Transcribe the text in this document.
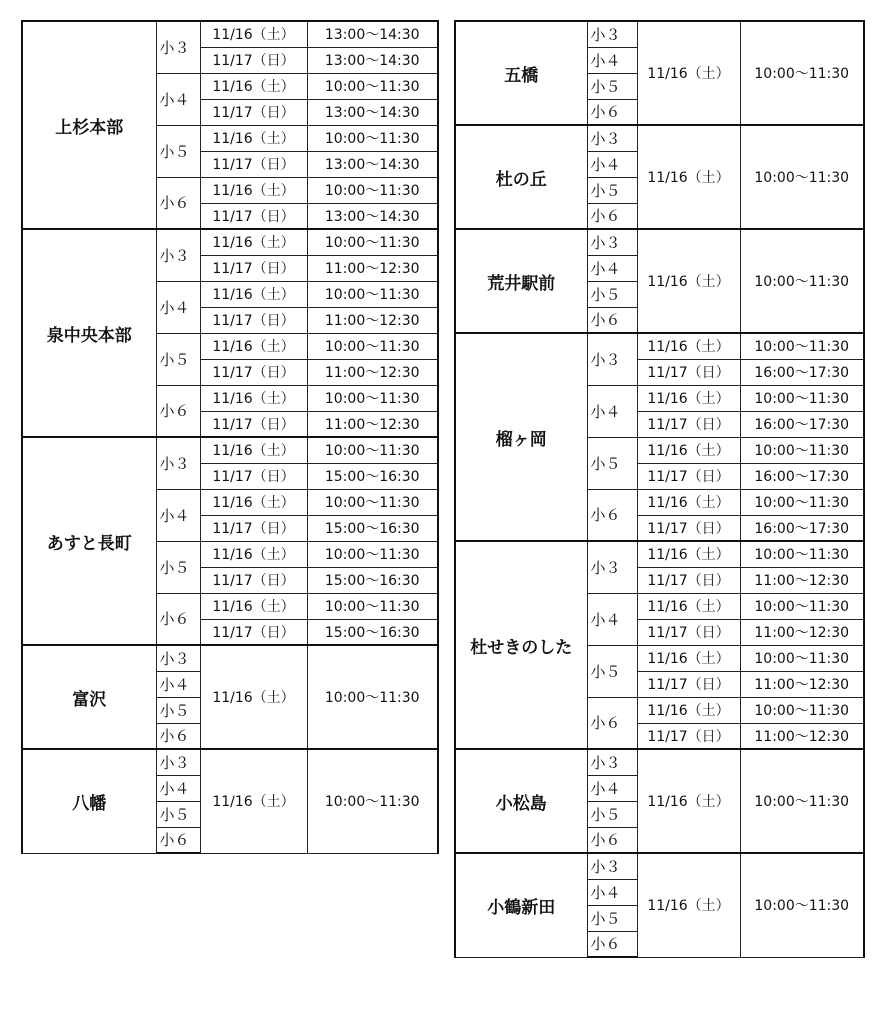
上杉本部	小３	11/16（土）	13:00～14:30
		11/17（日）	13:00～14:30
	小４	11/16（土）	10:00～11:30
		11/17（日）	13:00～14:30
	小５	11/16（土）	10:00～11:30
		11/17（日）	13:00～14:30
	小６	11/16（土）	10:00～11:30
		11/17（日）	13:00～14:30
泉中央本部	小３	11/16（土）	10:00～11:30
		11/17（日）	11:00～12:30
	小４	11/16（土）	10:00～11:30
		11/17（日）	11:00～12:30
	小５	11/16（土）	10:00～11:30
		11/17（日）	11:00～12:30
	小６	11/16（土）	10:00～11:30
		11/17（日）	11:00～12:30
あすと長町	小３	11/16（土）	10:00～11:30
		11/17（日）	15:00～16:30
	小４	11/16（土）	10:00～11:30
		11/17（日）	15:00～16:30
	小５	11/16（土）	10:00～11:30
		11/17（日）	15:00～16:30
	小６	11/16（土）	10:00～11:30
		11/17（日）	15:00～16:30
富沢	小３	11/16（土）	10:00～11:30
	小４		
	小５		
	小６		
八幡	小３	11/16（土）	10:00～11:30
	小４		
	小５		
	小６		
五橋	小３	11/16（土）	10:00～11:30
	小４		
	小５		
	小６		
杜の丘	小３	11/16（土）	10:00～11:30
	小４		
	小５		
	小６		
荒井駅前	小３	11/16（土）	10:00～11:30
	小４		
	小５		
	小６		
榴ヶ岡	小３	11/16（土）	10:00～11:30
		11/17（日）	16:00～17:30
	小４	11/16（土）	10:00～11:30
		11/17（日）	16:00～17:30
	小５	11/16（土）	10:00～11:30
		11/17（日）	16:00～17:30
	小６	11/16（土）	10:00～11:30
		11/17（日）	16:00～17:30
杜せきのした	小３	11/16（土）	10:00～11:30
		11/17（日）	11:00～12:30
	小４	11/16（土）	10:00～11:30
		11/17（日）	11:00～12:30
	小５	11/16（土）	10:00～11:30
		11/17（日）	11:00～12:30
	小６	11/16（土）	10:00～11:30
		11/17（日）	11:00～12:30
小松島	小３	11/16（土）	10:00～11:30
	小４		
	小５		
	小６		
小鶴新田	小３	11/16（土）	10:00～11:30
	小４		
	小５		
	小６		
